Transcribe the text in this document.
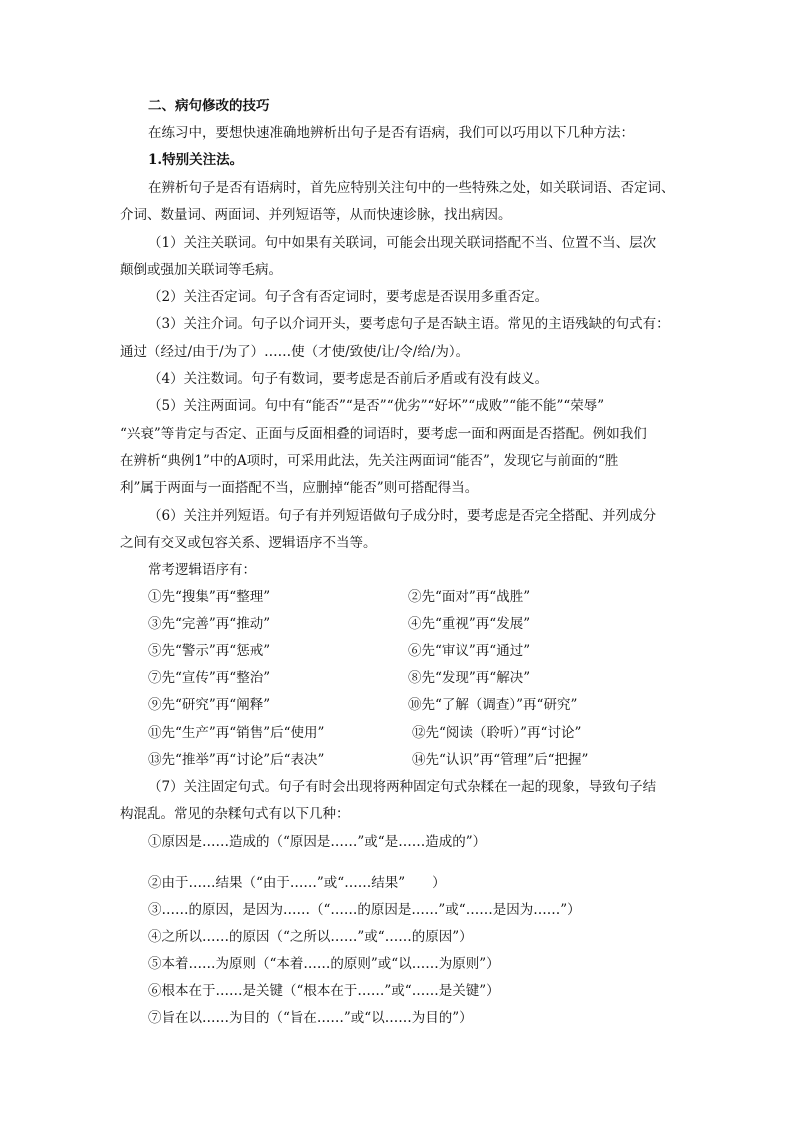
二、病句修改的技巧
在练习中，要想快速准确地辨析出句子是否有语病，我们可以巧用以下几种方法：
1.特别关注法。
在辨析句子是否有语病时，首先应特别关注句中的一些特殊之处，如关联词语、否定词、
介词、数量词、两面词、并列短语等，从而快速诊脉，找出病因。
（1）关注关联词。句中如果有关联词，可能会出现关联词搭配不当、位置不当、层次
颠倒或强加关联词等毛病。
（2）关注否定词。句子含有否定词时，要考虑是否误用多重否定。
（3）关注介词。句子以介词开头，要考虑句子是否缺主语。常见的主语残缺的句式有：
通过（经过/由于/为了）……使（才使/致使/让/令/给/为）。
（4）关注数词。句子有数词，要考虑是否前后矛盾或有没有歧义。
（5）关注两面词。句中有“能否”“是否”“优劣”“好坏”“成败”“能不能”“荣辱”
“兴衰”等肯定与否定、正面与反面相叠的词语时，要考虑一面和两面是否搭配。例如我们
在辨析“典例1”中的A项时，可采用此法，先关注两面词“能否”，发现它与前面的“胜
利”属于两面与一面搭配不当，应删掉“能否”则可搭配得当。
（6）关注并列短语。句子有并列短语做句子成分时，要考虑是否完全搭配、并列成分
之间有交叉或包容关系、逻辑语序不当等。
常考逻辑语序有：
①先“搜集”再“整理”	②先“面对”再“战胜”
③先“完善”再“推动”	④先“重视”再“发展”
⑤先“警示”再“惩戒”	⑥先“审议”再“通过”
⑦先“宣传”再“整治”	⑧先“发现”再“解决”
⑨先“研究”再“阐释”	⑩先“了解（调查）”再“研究”
⑪先“生产”再“销售”后“使用”	⑫先“阅读（聆听）”再“讨论”
⑬先“推举”再“讨论”后“表决”	⑭先“认识”再“管理”后“把握”
（7）关注固定句式。句子有时会出现将两种固定句式杂糅在一起的现象，导致句子结
构混乱。常见的杂糅句式有以下几种：
①原因是……造成的（“原因是……”或“是……造成的”）
②由于……结果（“由于……”或“……结果”　　）
③……的原因，是因为……（“……的原因是……”或“……是因为……”）
④之所以……的原因（“之所以……”或“……的原因”）
⑤本着……为原则（“本着……的原则”或“以……为原则”）
⑥根本在于……是关键（“根本在于……”或“……是关键”）
⑦旨在以……为目的（“旨在……”或“以……为目的”）
